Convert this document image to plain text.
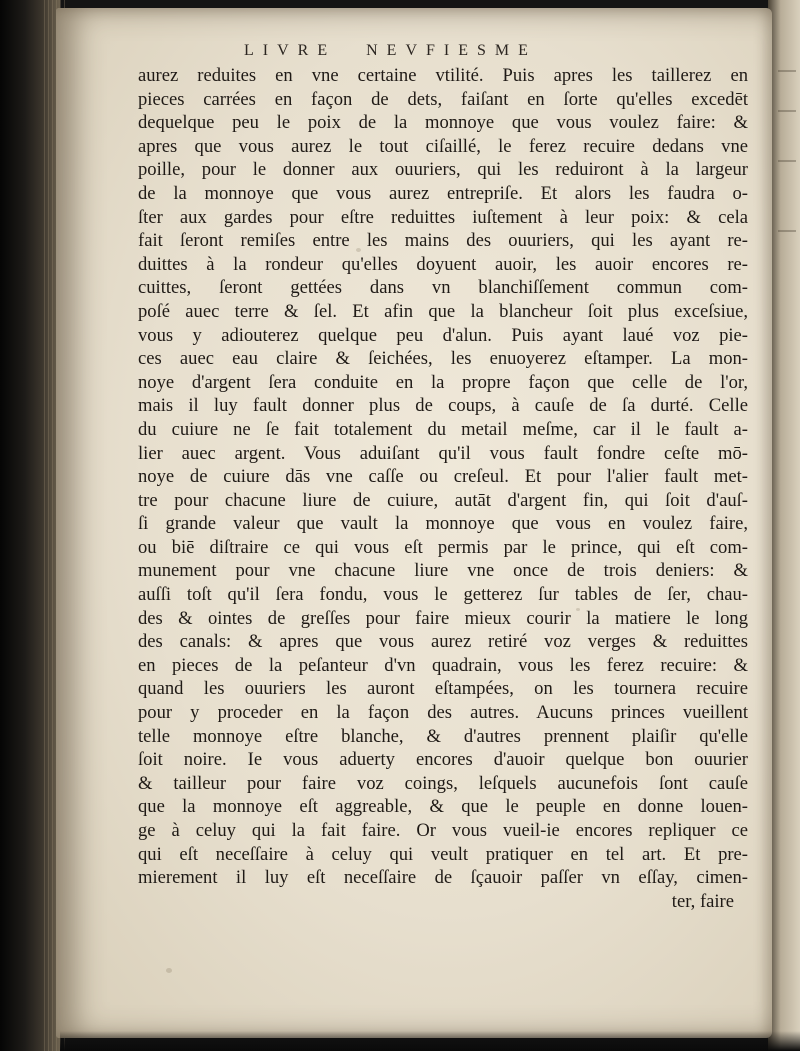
LIVRE NEVFIESME
aurez reduites en vne certaine vtilité. Puis apres les taillerez en
pieces carrées en façon de dets, faiſant en ſorte qu'elles excedēt
dequelque peu le poix de la monnoye que vous voulez faire: &
apres que vous aurez le tout ciſaillé, le ferez recuire dedans vne
poille, pour le donner aux ouuriers, qui les reduiront à la largeur
de la monnoye que vous aurez entrepriſe. Et alors les faudra o-
ſter aux gardes pour eſtre reduittes iuſtement à leur poix: & cela
fait ſeront remiſes entre les mains des ouuriers, qui les ayant re-
duittes à la rondeur qu'elles doyuent auoir, les auoir encores re-
cuittes, ſeront gettées dans vn blanchiſſement commun com-
poſé auec terre & ſel. Et afin que la blancheur ſoit plus exceſsiue,
vous y adiouterez quelque peu d'alun. Puis ayant laué voz pie-
ces auec eau claire & ſeichées, les enuoyerez eſtamper. La mon-
noye d'argent ſera conduite en la propre façon que celle de l'or,
mais il luy fault donner plus de coups, à cauſe de ſa durté. Celle
du cuiure ne ſe fait totalement du metail meſme, car il le fault a-
lier auec argent. Vous aduiſant qu'il vous fault fondre ceſte mō-
noye de cuiure dās vne caſſe ou creſeul. Et pour l'alier fault met-
tre pour chacune liure de cuiure, autāt d'argent fin, qui ſoit d'auſ-
ſi grande valeur que vault la monnoye que vous en voulez faire,
ou biē diſtraire ce qui vous eſt permis par le prince, qui eſt com-
munement pour vne chacune liure vne once de trois deniers: &
auſſi toſt qu'il ſera fondu, vous le getterez ſur tables de ſer, chau-
des & ointes de greſſes pour faire mieux courir la matiere le long
des canals: & apres que vous aurez retiré voz verges & reduittes
en pieces de la peſanteur d'vn quadrain, vous les ferez recuire: &
quand les ouuriers les auront eſtampées, on les tournera recuire
pour y proceder en la façon des autres. Aucuns princes vueillent
telle monnoye eſtre blanche, & d'autres prennent plaiſir qu'elle
ſoit noire. Ie vous aduerty encores d'auoir quelque bon ouurier
& tailleur pour faire voz coings, leſquels aucunefois ſont cauſe
que la monnoye eſt aggreable, & que le peuple en donne louen-
ge à celuy qui la fait faire. Or vous vueil-ie encores repliquer ce
qui eſt neceſſaire à celuy qui veult pratiquer en tel art. Et pre-
mierement il luy eſt neceſſaire de ſçauoir paſſer vn eſſay, cimen-
ter, faire
